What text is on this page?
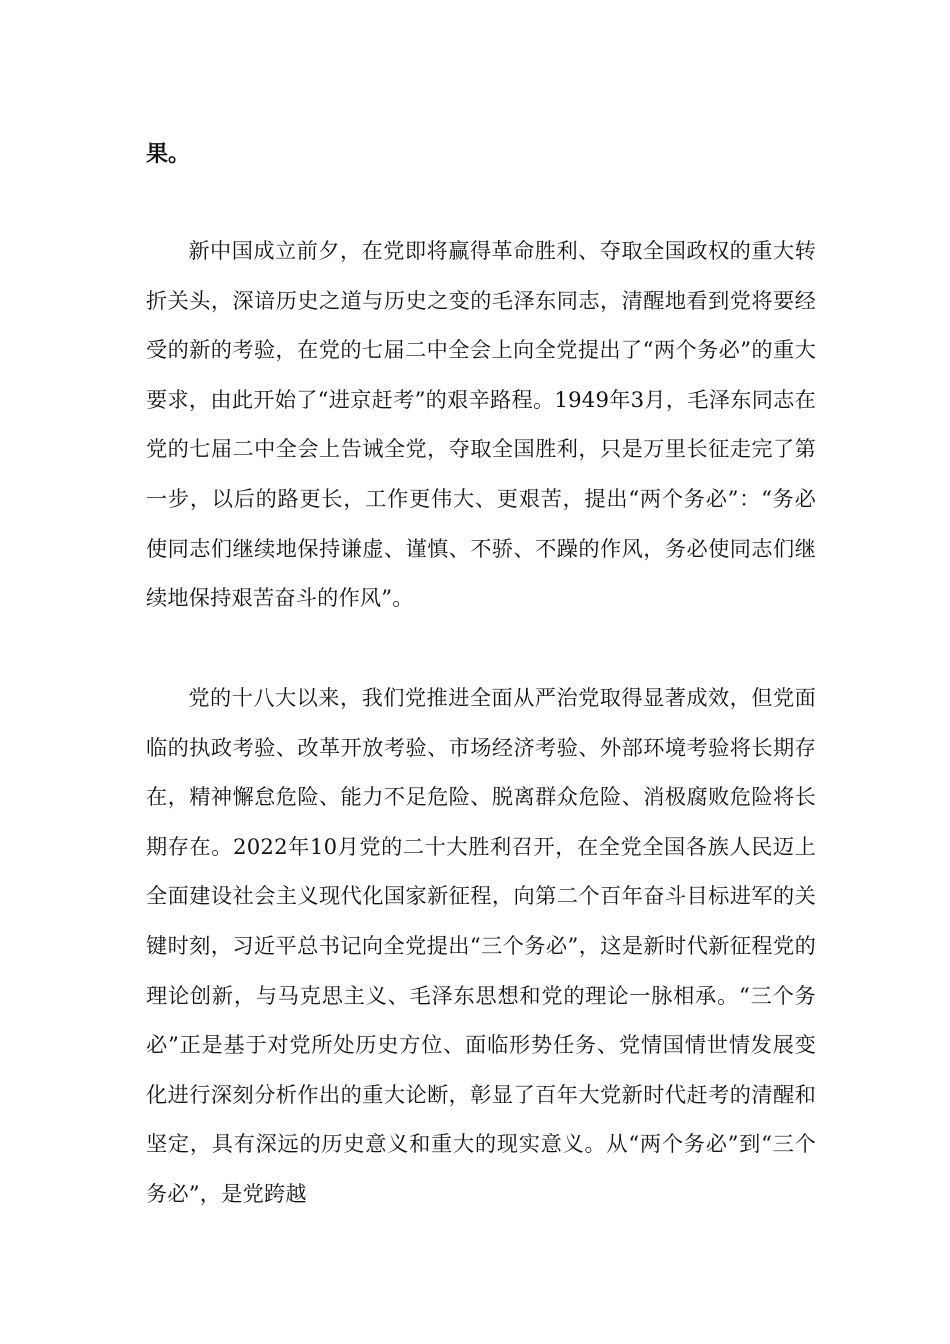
果。

新中国成立前夕，在党即将赢得革命胜利、夺取全国政权的重大转折关头，深谙历史之道与历史之变的毛泽东同志，清醒地看到党将要经受的新的考验，在党的七届二中全会上向全党提出了“两个务必”的重大要求，由此开始了“进京赶考”的艰辛路程。1949年3月，毛泽东同志在党的七届二中全会上告诫全党，夺取全国胜利，只是万里长征走完了第一步，以后的路更长，工作更伟大、更艰苦，提出“两个务必”：“务必使同志们继续地保持谦虚、谨慎、不骄、不躁的作风，务必使同志们继续地保持艰苦奋斗的作风”。

党的十八大以来，我们党推进全面从严治党取得显著成效，但党面临的执政考验、改革开放考验、市场经济考验、外部环境考验将长期存在，精神懈怠危险、能力不足危险、脱离群众危险、消极腐败危险将长期存在。2022年10月党的二十大胜利召开，在全党全国各族人民迈上全面建设社会主义现代化国家新征程，向第二个百年奋斗目标进军的关键时刻，习近平总书记向全党提出“三个务必”，这是新时代新征程党的理论创新，与马克思主义、毛泽东思想和党的理论一脉相承。“三个务必”正是基于对党所处历史方位、面临形势任务、党情国情世情发展变化进行深刻分析作出的重大论断，彰显了百年大党新时代赶考的清醒和坚定，具有深远的历史意义和重大的现实意义。从“两个务必”到“三个务必”，是党跨越
